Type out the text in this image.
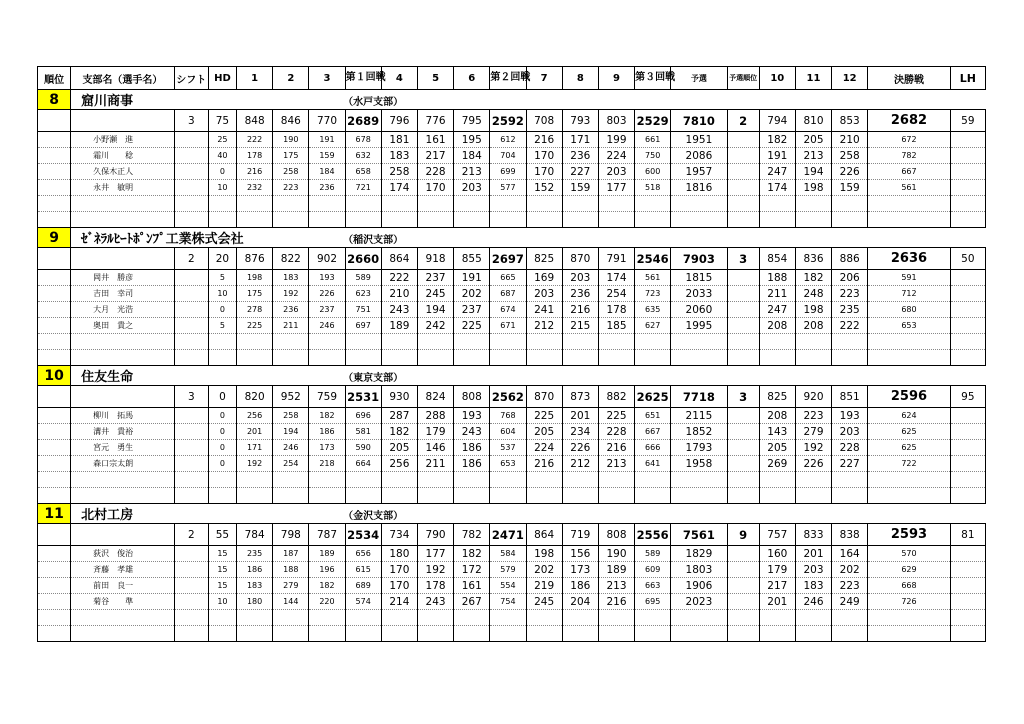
順位	支部名（選手名）	シフト	HD	1	2	3	第１回戦	4	5	6	第２回戦	7	8	9	第３回戦	予選	予選順位	10	11	12	決勝戦	LH
8	窟川商事 （水戸支部）																					
		3	75	848	846	770	2689	796	776	795	2592	708	793	803	2529	7810	2	794	810	853	2682	59
	小野瀬　進		25	222	190	191	678	181	161	195	612	216	171	199	661	1951		182	205	210	672	
	霜川　　稔		40	178	175	159	632	183	217	184	704	170	236	224	750	2086		191	213	258	782	
	久保木正人		0	216	258	184	658	258	228	213	699	170	227	203	600	1957		247	194	226	667	
	永井　敏明		10	232	223	236	721	174	170	203	577	152	159	177	518	1816		174	198	159	561	

9	ｾﾞﾈﾗﾙﾋｰﾄﾎﾟﾝﾌﾟ工業株式会社 （稲沢支部）																					
		2	20	876	822	902	2660	864	918	855	2697	825	870	791	2546	7903	3	854	836	886	2636	50
	岡井　勝彦		5	198	183	193	589	222	237	191	665	169	203	174	561	1815		188	182	206	591	
	吉田　幸司		10	175	192	226	623	210	245	202	687	203	236	254	723	2033		211	248	223	712	
	大月　光浩		0	278	236	237	751	243	194	237	674	241	216	178	635	2060		247	198	235	680	
	奥田　貴之		5	225	211	246	697	189	242	225	671	212	215	185	627	1995		208	208	222	653	

10	住友生命 （東京支部）																					
		3	0	820	952	759	2531	930	824	808	2562	870	873	882	2625	7718	3	825	920	851	2596	95
	柳川　拓馬		0	256	258	182	696	287	288	193	768	225	201	225	651	2115		208	223	193	624	
	溝井　貴裕		0	201	194	186	581	182	179	243	604	205	234	228	667	1852		143	279	203	625	
	宮元　勇生		0	171	246	173	590	205	146	186	537	224	226	216	666	1793		205	192	228	625	
	森口宗太朗		0	192	254	218	664	256	211	186	653	216	212	213	641	1958		269	226	227	722	

11	北村工房 （金沢支部）																					
		2	55	784	798	787	2534	734	790	782	2471	864	719	808	2556	7561	9	757	833	838	2593	81
	荻沢　俊治		15	235	187	189	656	180	177	182	584	198	156	190	589	1829		160	201	164	570	
	斉藤　孝雄		15	186	188	196	615	170	192	172	579	202	173	189	609	1803		179	203	202	629	
	前田　良一		15	183	279	182	689	170	178	161	554	219	186	213	663	1906		217	183	223	668	
	菊谷　　準		10	180	144	220	574	214	243	267	754	245	204	216	695	2023		201	246	249	726	
